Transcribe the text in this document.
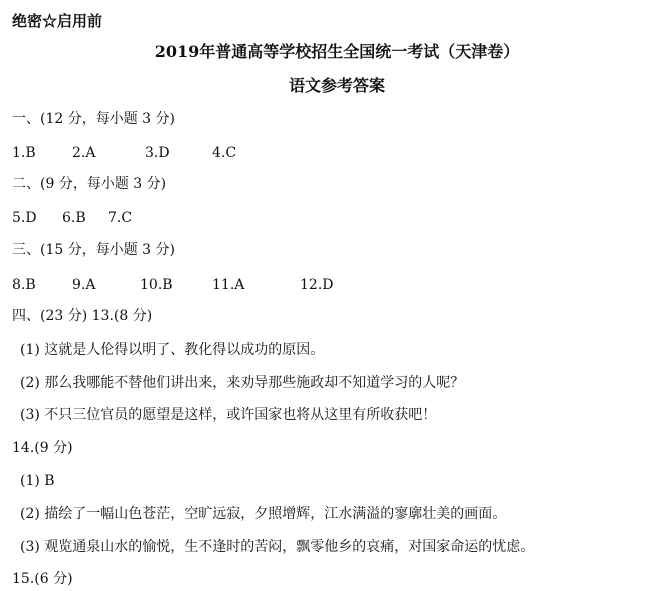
绝密☆启用前
2019年普通高等学校招生全国统一考试（天津卷）
语文参考答案
一、(12 分，每小题 3 分)
1.B	2.A	3.D	4.C
二、(9 分，每小题 3 分)
5.D 6.B 7.C
三、(15 分，每小题 3 分)
8.B	9.A	10.B	11.A	12.D
四、(23 分) 13.(8 分)
(1) 这就是人伦得以明了、教化得以成功的原因。
(2) 那么我哪能不替他们讲出来，来劝导那些施政却不知道学习的人呢？
(3) 不只三位官员的愿望是这样，或许国家也将从这里有所收获吧！
14.(9 分)
(1) B
(2) 描绘了一幅山色苍茫，空旷远寂，夕照增辉，江水满溢的寥廓壮美的画面。
(3) 观览通泉山水的愉悦，生不逢时的苦闷，飘零他乡的哀痛，对国家命运的忧虑。
15.(6 分)
